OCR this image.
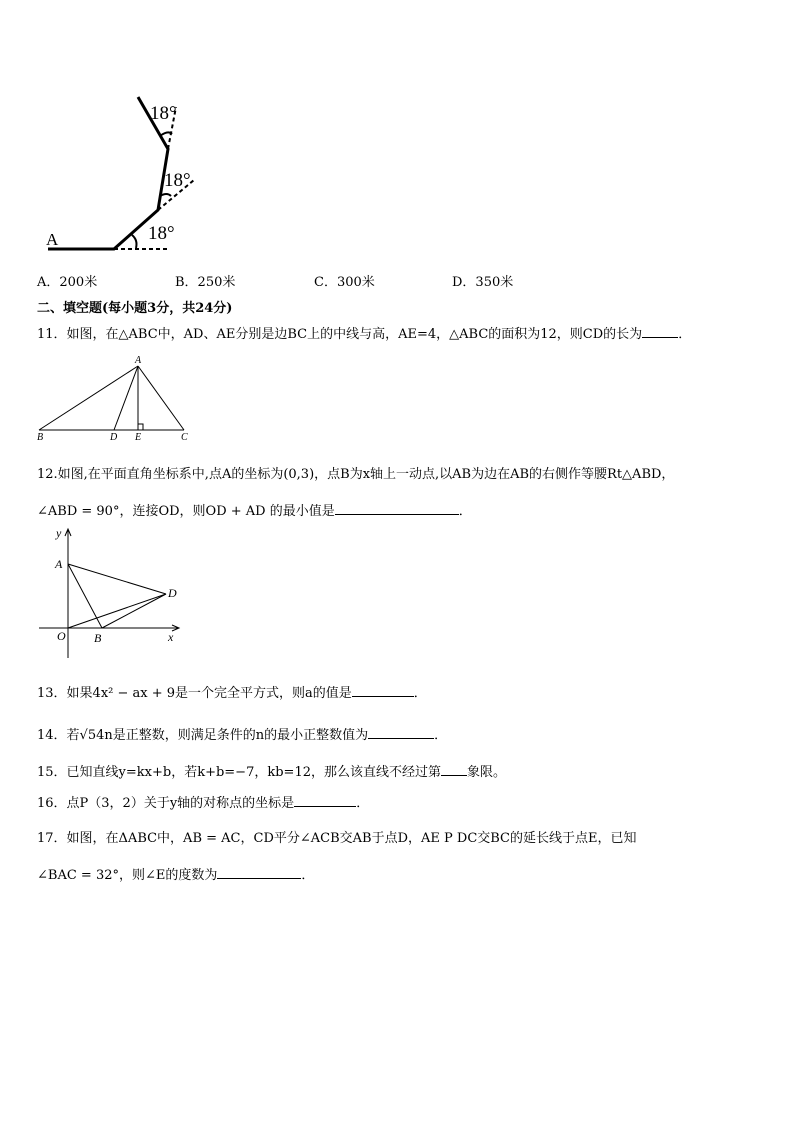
18°
18°
18°
A
A．200米	B．250米	C．300米	D．350米
二、填空题(每小题3分，共24分)
11．如图，在△ABC中，AD、AE分别是边BC上的中线与高，AE=4，△ABC的面积为12，则CD的长为	．
A
B	D E	C
12.如图,在平面直角坐标系中,点A的坐标为(0,3)，点B为x轴上一动点,以AB为边在AB的右侧作等腰Rt△ABD，
∠ABD = 90°，连接OD，则OD + AD 的最小值是	．
y
A
D
O B	x
13．如果4x² − ax + 9是一个完全平方式，则a的值是	．
14．若√54n是正整数，则满足条件的n的最小正整数值为	．
15．已知直线y=kx+b，若k+b=−7，kb=12，那么该直线不经过第 象限。
16．点P（3，2）关于y轴的对称点的坐标是	．
17．如图，在ΔABC中，AB = AC，CD平分∠ACB交AB于点D，AE P DC交BC的延长线于点E，已知
∠BAC = 32°，则∠E的度数为	．
